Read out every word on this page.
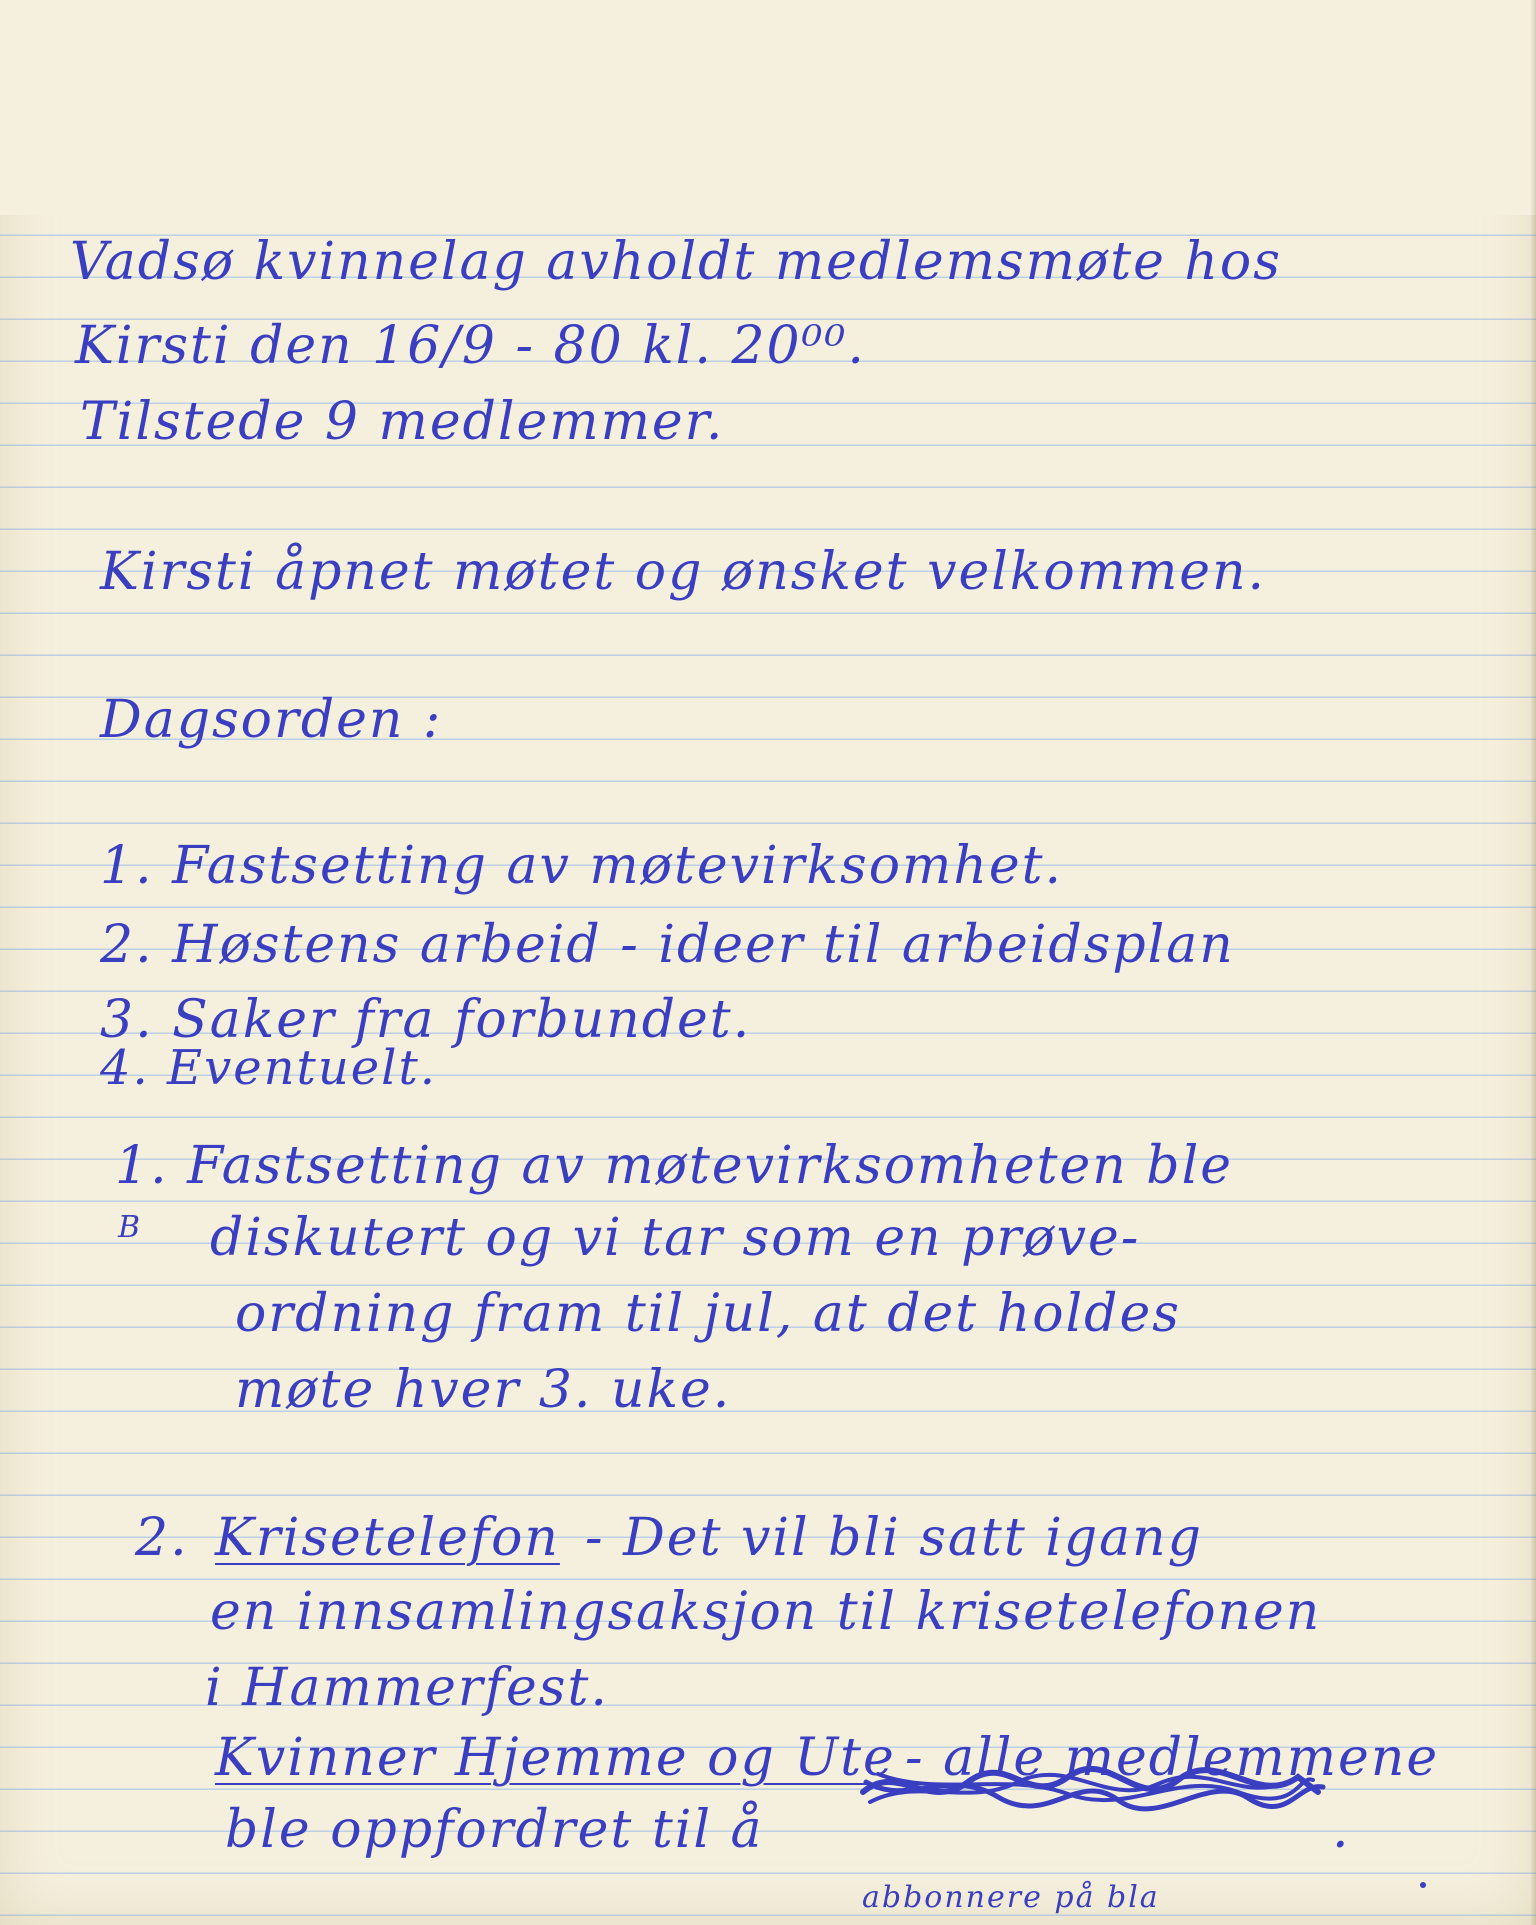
Vadsø kvinnelag avholdt medlemsmøte hos
Kirsti den 16/9 - 80 kl. 20⁰⁰.
Tilstede 9 medlemmer.
Kirsti åpnet møtet og ønsket velkommen.
Dagsorden :
1. Fastsetting av møtevirksomhet.
2. Høstens arbeid - ideer til arbeidsplan
3. Saker fra forbundet.
4. Eventuelt.
1. Fastsetting av møtevirksomheten ble
B diskutert og vi tar som en prøve-
ordning fram til jul, at det holdes
møte hver 3. uke.
2. Krisetelefon - Det vil bli satt igang
en innsamlingsaksjon til krisetelefonen
i Hammerfest.
Kvinner Hjemme og Ute - alle medlemmene
ble oppfordret til å	.
abbonnere på bla
